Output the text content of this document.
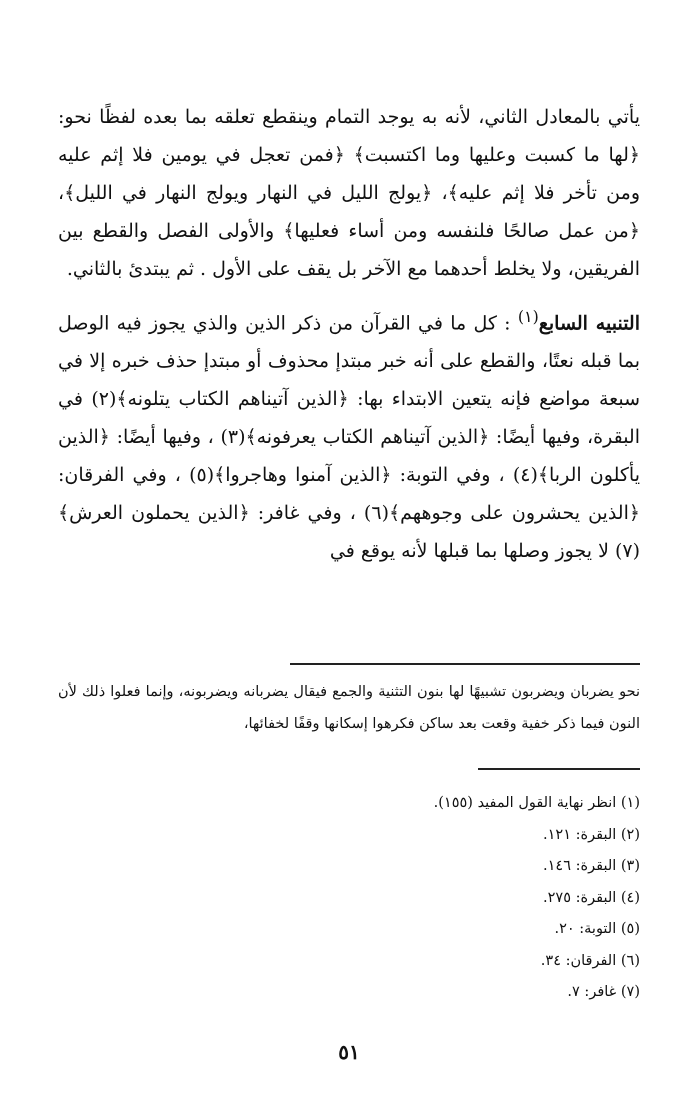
يأتي بالمعادل الثاني، لأنه به يوجد التمام وينقطع تعلقه بما بعده لفظًا نحو: ﴿لها ما كسبت وعليها وما اكتسبت﴾ ﴿فمن تعجل في يومين فلا إثم عليه ومن تأخر فلا إثم عليه﴾، ﴿يولج الليل في النهار ويولج النهار في الليل﴾، ﴿من عمل صالحًا فلنفسه ومن أساء فعليها﴾ والأولى الفصل والقطع بين الفريقين، ولا يخلط أحدهما مع الآخر بل يقف على الأول . ثم يبتدئ بالثاني.

التنبيه السابع$^{(١)}$ : كل ما في القرآن من ذكر الذين والذي يجوز فيه الوصل بما قبله نعتًا، والقطع على أنه خبر مبتدإ محذوف أو مبتدإ حذف خبره إلا في سبعة مواضع فإنه يتعين الابتداء بها: ﴿الذين آتيناهم الكتاب يتلونه﴾(٢) في البقرة، وفيها أيضًا: ﴿الذين آتيناهم الكتاب يعرفونه﴾(٣) ، وفيها أيضًا: ﴿الذين يأكلون الربا﴾(٤) ، وفي التوبة: ﴿الذين آمنوا وهاجروا﴾(٥) ، وفي الفرقان: ﴿الذين يحشرون على وجوههم﴾(٦) ، وفي غافر: ﴿الذين يحملون العرش﴾(٧) لا يجوز وصلها بما قبلها لأنه يوقع في

نحو يضربان ويضربون تشبيهًا لها بنون التثنية والجمع فيقال يضربانه ويضربونه، وإنما فعلوا ذلك لأن النون فيما ذكر خفية وقعت بعد ساكن فكرهوا إسكانها وقفًا لخفائها،

(١) انظر نهاية القول المفيد (١٥٥).
(٢) البقرة: ١٢١.
(٣) البقرة: ١٤٦.
(٤) البقرة: ٢٧٥.
(٥) التوبة: ٢٠.
(٦) الفرقان: ٣٤.
(٧) غافر: ٧.
٥١
